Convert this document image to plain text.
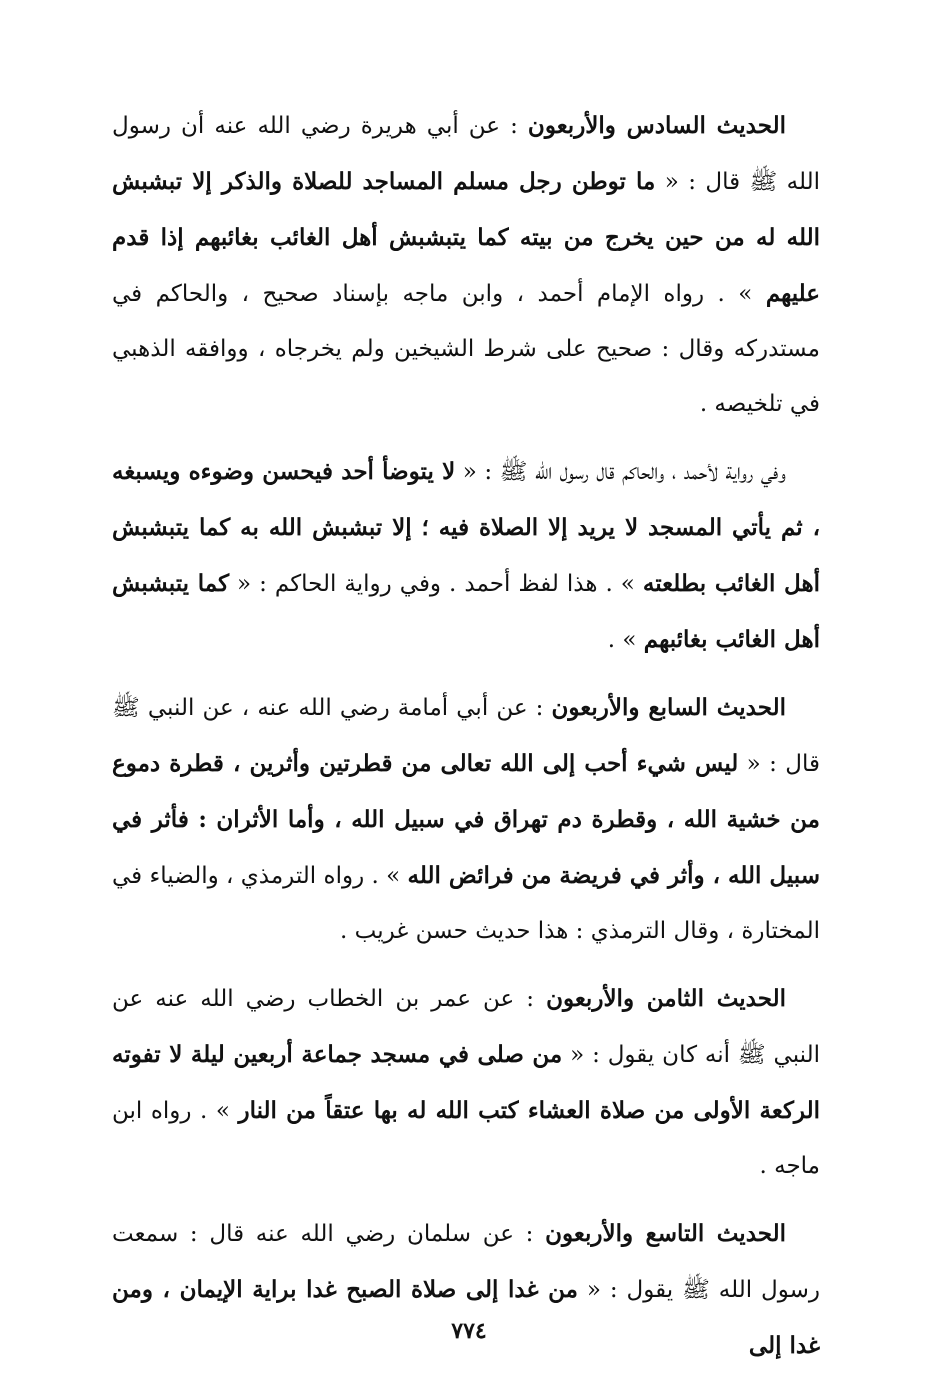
الحديث السادس والأربعون : عن أبي هريرة رضي الله عنه أن رسول الله ﷺ قال : « ما توطن رجل مسلم المساجد للصلاة والذكر إلا تبشبش الله له من حين يخرج من بيته كما يتبشبش أهل الغائب بغائبهم إذا قدم عليهم » . رواه الإمام أحمد ، وابن ماجه بإسناد صحيح ، والحاكم في مستدركه وقال : صحيح على شرط الشيخين ولم يخرجاه ، ووافقه الذهبي في تلخيصه .

وفي رواية لأحمد ، والحاكم قال رسول الله ﷺ : « لا يتوضأ أحد فيحسن وضوءه ويسبغه ، ثم يأتي المسجد لا يريد إلا الصلاة فيه ؛ إلا تبشبش الله به كما يتبشبش أهل الغائب بطلعته » . هذا لفظ أحمد . وفي رواية الحاكم : « كما يتبشبش أهل الغائب بغائبهم » .

الحديث السابع والأربعون : عن أبي أمامة رضي الله عنه ، عن النبي ﷺ قال : « ليس شيء أحب إلى الله تعالى من قطرتين وأثرين ، قطرة دموع من خشية الله ، وقطرة دم تهراق في سبيل الله ، وأما الأثران : فأثر في سبيل الله ، وأثر في فريضة من فرائض الله » . رواه الترمذي ، والضياء في المختارة ، وقال الترمذي : هذا حديث حسن غريب .

الحديث الثامن والأربعون : عن عمر بن الخطاب رضي الله عنه عن النبي ﷺ أنه كان يقول : « من صلى في مسجد جماعة أربعين ليلة لا تفوته الركعة الأولى من صلاة العشاء كتب الله له بها عتقاً من النار » . رواه ابن ماجه .

الحديث التاسع والأربعون : عن سلمان رضي الله عنه قال : سمعت رسول الله ﷺ يقول : « من غدا إلى صلاة الصبح غدا براية الإيمان ، ومن غدا إلى

٧٧٤
